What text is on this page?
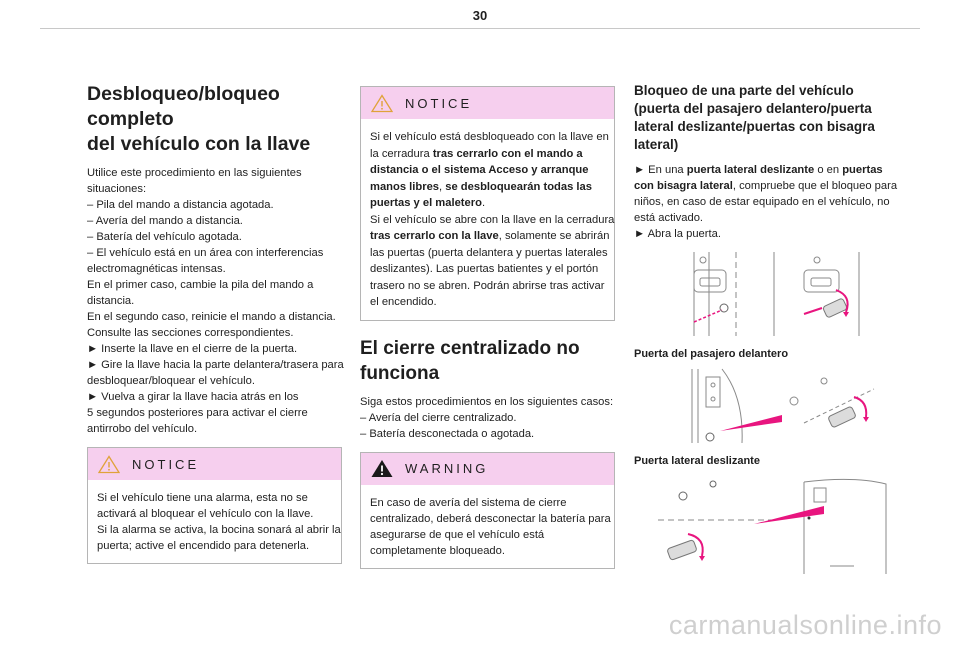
30
Desbloqueo/bloqueo completo
del vehículo con la llave
Utilice este procedimiento en las siguientes
situaciones:
– Pila del mando a distancia agotada.
– Avería del mando a distancia.
– Batería del vehículo agotada.
– El vehículo está en un área con interferencias
electromagnéticas intensas.
En el primer caso, cambie la pila del mando a
distancia.
En el segundo caso, reinicie el mando a distancia.
Consulte las secciones correspondientes.
► Inserte la llave en el cierre de la puerta.
► Gire la llave hacia la parte delantera/trasera para
desbloquear/bloquear el vehículo.
► Vuelva a girar la llave hacia atrás en los
5 segundos posteriores para activar el cierre
antirrobo del vehículo.
NOTICE
Si el vehículo tiene una alarma, esta no se
activará al bloquear el vehículo con la llave.
Si la alarma se activa, la bocina sonará al abrir la
puerta; active el encendido para detenerla.
NOTICE
Si el vehículo está desbloqueado con la llave en
la cerradura tras cerrarlo con el mando a
distancia o el sistema Acceso y arranque
manos libres, se desbloquearán todas las
puertas y el maletero.
Si el vehículo se abre con la llave en la cerradura
tras cerrarlo con la llave, solamente se abrirán
las puertas (puerta delantera y puertas laterales
deslizantes). Las puertas batientes y el portón
trasero no se abren. Podrán abrirse tras activar
el encendido.
El cierre centralizado no
funciona
Siga estos procedimientos en los siguientes casos:
– Avería del cierre centralizado.
– Batería desconectada o agotada.
WARNING
En caso de avería del sistema de cierre
centralizado, deberá desconectar la batería para
asegurarse de que el vehículo está
completamente bloqueado.
Bloqueo de una parte del vehículo
(puerta del pasajero delantero/puerta
lateral deslizante/puertas con bisagra
lateral)
► En una puerta lateral deslizante o en puertas
con bisagra lateral, compruebe que el bloqueo para
niños, en caso de estar equipado en el vehículo, no
está activado.
► Abra la puerta.
Puerta del pasajero delantero
Puerta lateral deslizante
carmanualsonline.info
